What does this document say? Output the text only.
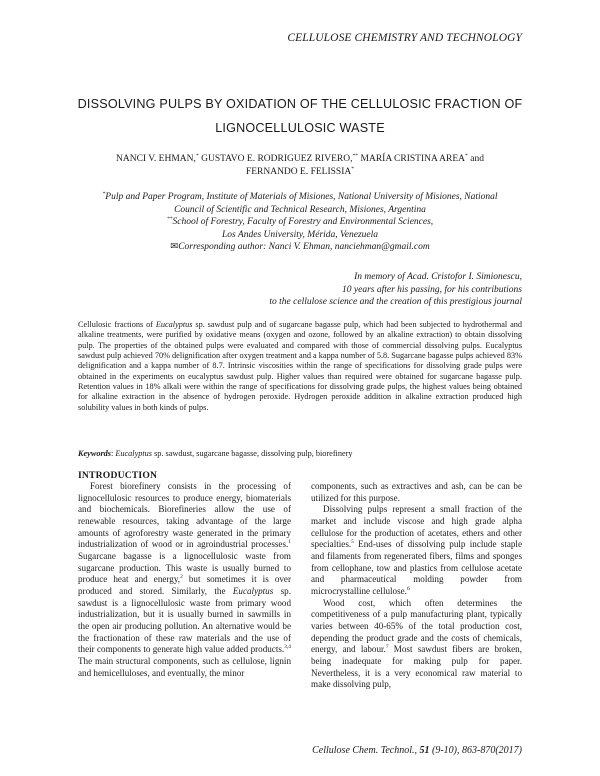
CELLULOSE CHEMISTRY AND TECHNOLOGY
DISSOLVING PULPS BY OXIDATION OF THE CELLULOSIC FRACTION OF LIGNOCELLULOSIC WASTE
NANCI V. EHMAN,* GUSTAVO E. RODRIGUEZ RIVERO,** MARÍA CRISTINA AREA* and
FERNANDO E. FELISSIA*
*Pulp and Paper Program, Institute of Materials of Misiones, National University of Misiones, National
Council of Scientific and Technical Research, Misiones, Argentina
**School of Forestry, Faculty of Forestry and Environmental Sciences,
Los Andes University, Mérida, Venezuela
✉Corresponding author: Nanci V. Ehman, nanciehman@gmail.com
In memory of Acad. Cristofor I. Simionescu,
10 years after his passing, for his contributions
to the cellulose science and the creation of this prestigious journal
Cellulosic fractions of Eucalyptus sp. sawdust pulp and of sugarcane bagasse pulp, which had been subjected to hydrothermal and alkaline treatments, were purified by oxidative means (oxygen and ozone, followed by an alkaline extraction) to obtain dissolving pulp. The properties of the obtained pulps were evaluated and compared with those of commercial dissolving pulps. Eucalyptus sawdust pulp achieved 70% delignification after oxygen treatment and a kappa number of 5.8. Sugarcane bagasse pulps achieved 83% delignification and a kappa number of 8.7. Intrinsic viscosities within the range of specifications for dissolving grade pulps were obtained in the experiments on eucalyptus sawdust pulp. Higher values than required were obtained for sugarcane bagasse pulp. Retention values in 18% alkali were within the range of specifications for dissolving grade pulps, the highest values being obtained for alkaline extraction in the absence of hydrogen peroxide. Hydrogen peroxide addition in alkaline extraction produced high solubility values in both kinds of pulps.
Keywords: Eucalyptus sp. sawdust, sugarcane bagasse, dissolving pulp, biorefinery
INTRODUCTION

Forest biorefinery consists in the processing of lignocellulosic resources to produce energy, biomaterials and biochemicals. Biorefineries allow the use of renewable resources, taking advantage of the large amounts of agroforestry waste generated in the primary industrialization of wood or in agroindustrial processes.$^1$ Sugarcane bagasse is a lignocellulosic waste from sugarcane production. This waste is usually burned to produce heat and energy,$^2$ but sometimes it is over produced and stored. Similarly, the Eucalyptus sp. sawdust is a lignocellulosic waste from primary wood industrialization, but it is usually burned in sawmills in the open air producing pollution. An alternative would be the fractionation of these raw materials and the use of their components to generate high value added products.$^{3,4}$ The main structural components, such as cellulose, lignin and hemicelluloses, and eventually, the minor

components, such as extractives and ash, can be can be utilized for this purpose.

Dissolving pulps represent a small fraction of the market and include viscose and high grade alpha cellulose for the production of acetates, ethers and other specialties.$^5$ End-uses of dissolving pulp include staple and filaments from regenerated fibers, films and sponges from cellophane, tow and plastics from cellulose acetate and pharmaceutical molding powder from microcrystalline cellulose.$^6$

Wood cost, which often determines the competitiveness of a pulp manufacturing plant, typically varies between 40-65% of the total production cost, depending the product grade and the costs of chemicals, energy, and labour.$^7$ Most sawdust fibers are broken, being inadequate for making pulp for paper. Nevertheless, it is a very economical raw material to make dissolving pulp,

Cellulose Chem. Technol., 51 (9-10), 863-870(2017)
